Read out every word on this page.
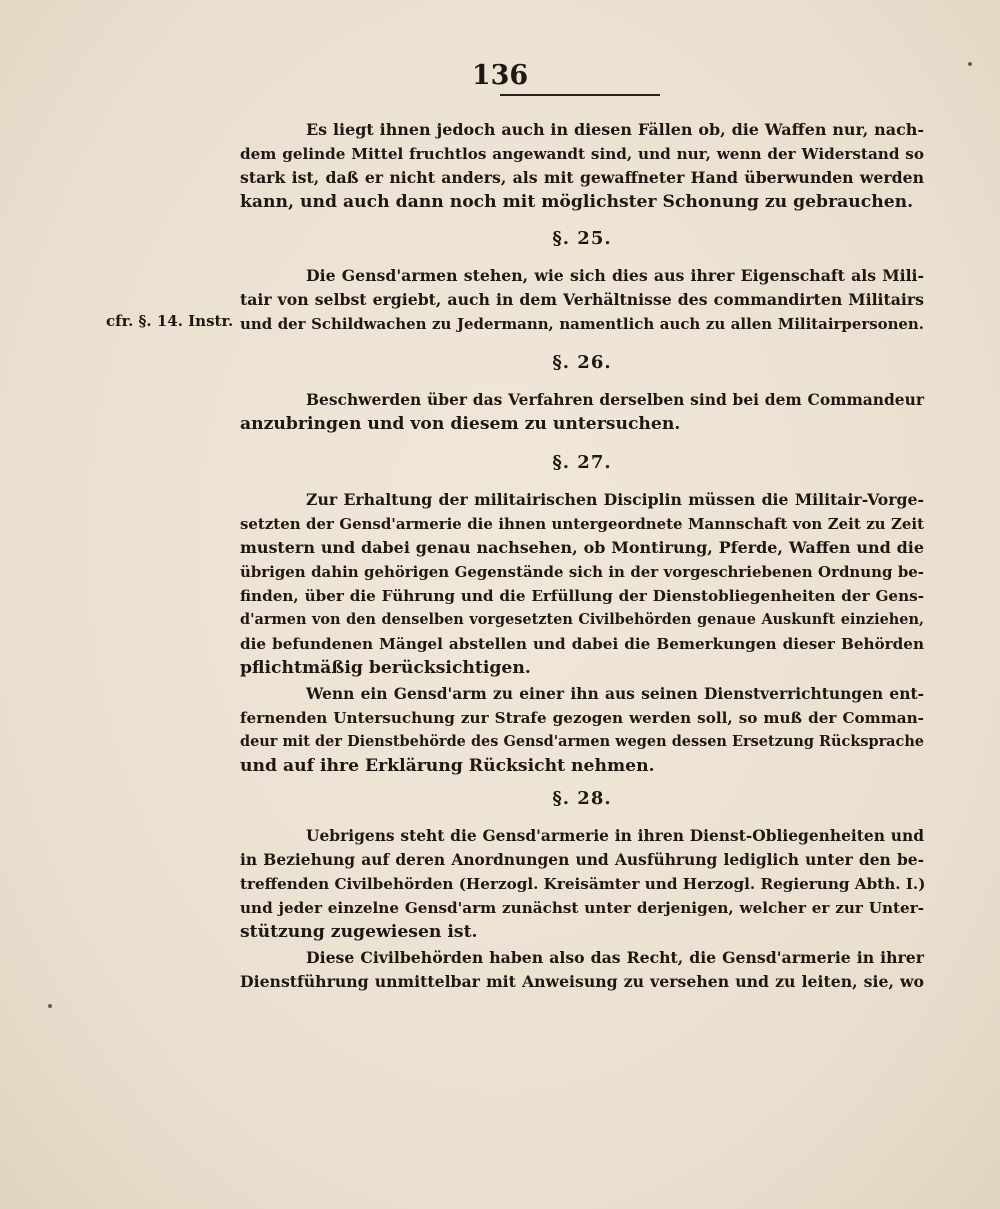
136
Es liegt ihnen jedoch auch in diesen Fällen ob, die Waffen nur, nach-
dem gelinde Mittel fruchtlos angewandt sind, und nur, wenn der Widerstand so
stark ist, daß er nicht anders, als mit gewaffneter Hand überwunden werden
kann, und auch dann noch mit möglichster Schonung zu gebrauchen.
§. 25.
Die Gensd'armen stehen, wie sich dies aus ihrer Eigenschaft als Mili-
tair von selbst ergiebt, auch in dem Verhältnisse des commandirten Militairs
und der Schildwachen zu Jedermann, namentlich auch zu allen Militairpersonen.
cfr. §. 14. Instr.
§. 26.
Beschwerden über das Verfahren derselben sind bei dem Commandeur
anzubringen und von diesem zu untersuchen.
§. 27.
Zur Erhaltung der militairischen Disciplin müssen die Militair-Vorge-
setzten der Gensd'armerie die ihnen untergeordnete Mannschaft von Zeit zu Zeit
mustern und dabei genau nachsehen, ob Montirung, Pferde, Waffen und die
übrigen dahin gehörigen Gegenstände sich in der vorgeschriebenen Ordnung be-
finden, über die Führung und die Erfüllung der Dienstobliegenheiten der Gens-
d'armen von den denselben vorgesetzten Civilbehörden genaue Auskunft einziehen,
die befundenen Mängel abstellen und dabei die Bemerkungen dieser Behörden
pflichtmäßig berücksichtigen.
Wenn ein Gensd'arm zu einer ihn aus seinen Dienstverrichtungen ent-
fernenden Untersuchung zur Strafe gezogen werden soll, so muß der Comman-
deur mit der Dienstbehörde des Gensd'armen wegen dessen Ersetzung Rücksprache
und auf ihre Erklärung Rücksicht nehmen.
§. 28.
Uebrigens steht die Gensd'armerie in ihren Dienst-Obliegenheiten und
in Beziehung auf deren Anordnungen und Ausführung lediglich unter den be-
treffenden Civilbehörden (Herzogl. Kreisämter und Herzogl. Regierung Abth. I.)
und jeder einzelne Gensd'arm zunächst unter derjenigen, welcher er zur Unter-
stützung zugewiesen ist.
Diese Civilbehörden haben also das Recht, die Gensd'armerie in ihrer
Dienstführung unmittelbar mit Anweisung zu versehen und zu leiten, sie, wo
